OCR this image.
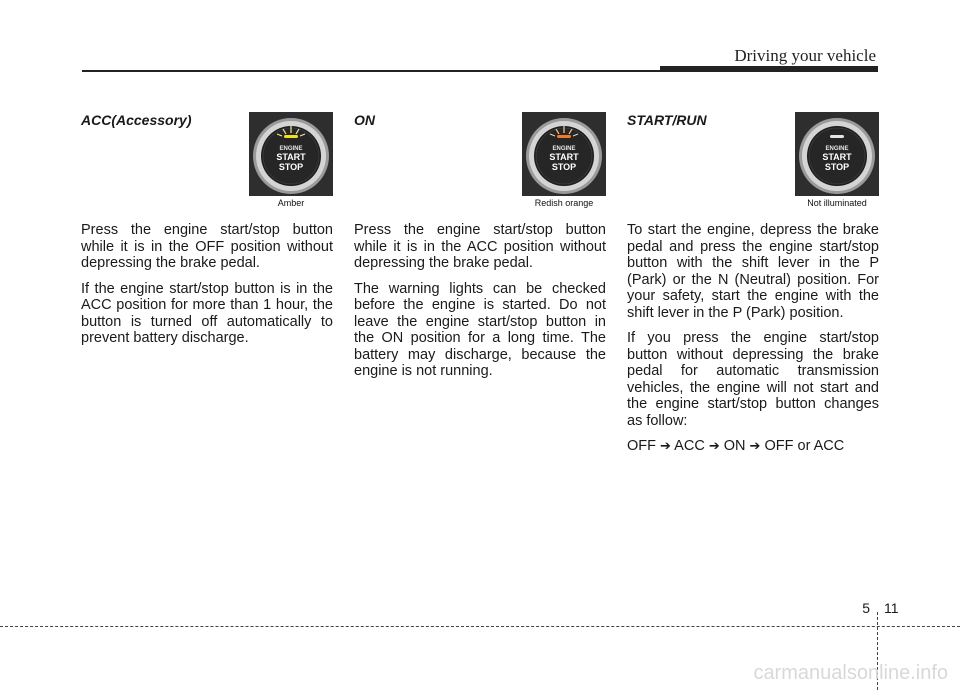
Driving your vehicle
ACC(Accessory)
ENGINE
START
STOP
Amber

Press the engine start/stop button while it is in the OFF position without depressing the brake pedal.

If the engine start/stop button is in the ACC position for more than 1 hour, the button is turned off automatically to prevent battery discharge.

ON
ENGINE
START
STOP
Redish orange

Press the engine start/stop button while it is in the ACC position without depressing the brake pedal.

The warning lights can be checked before the engine is started. Do not leave the engine start/stop button in the ON position for a long time. The battery may discharge, because the engine is not running.

START/RUN
ENGINE
START
STOP
Not illuminated

To start the engine, depress the brake pedal and press the engine start/stop button with the shift lever in the P (Park) or the N (Neutral) position. For your safety, start the engine with the shift lever in the P (Park) position.

If you press the engine start/stop button without depressing the brake pedal for automatic transmission vehicles, the engine will not start and the engine start/stop button changes as follow:

OFF ➔ ACC ➔ ON ➔ OFF or ACC

5 11
carmanualsonline.info
